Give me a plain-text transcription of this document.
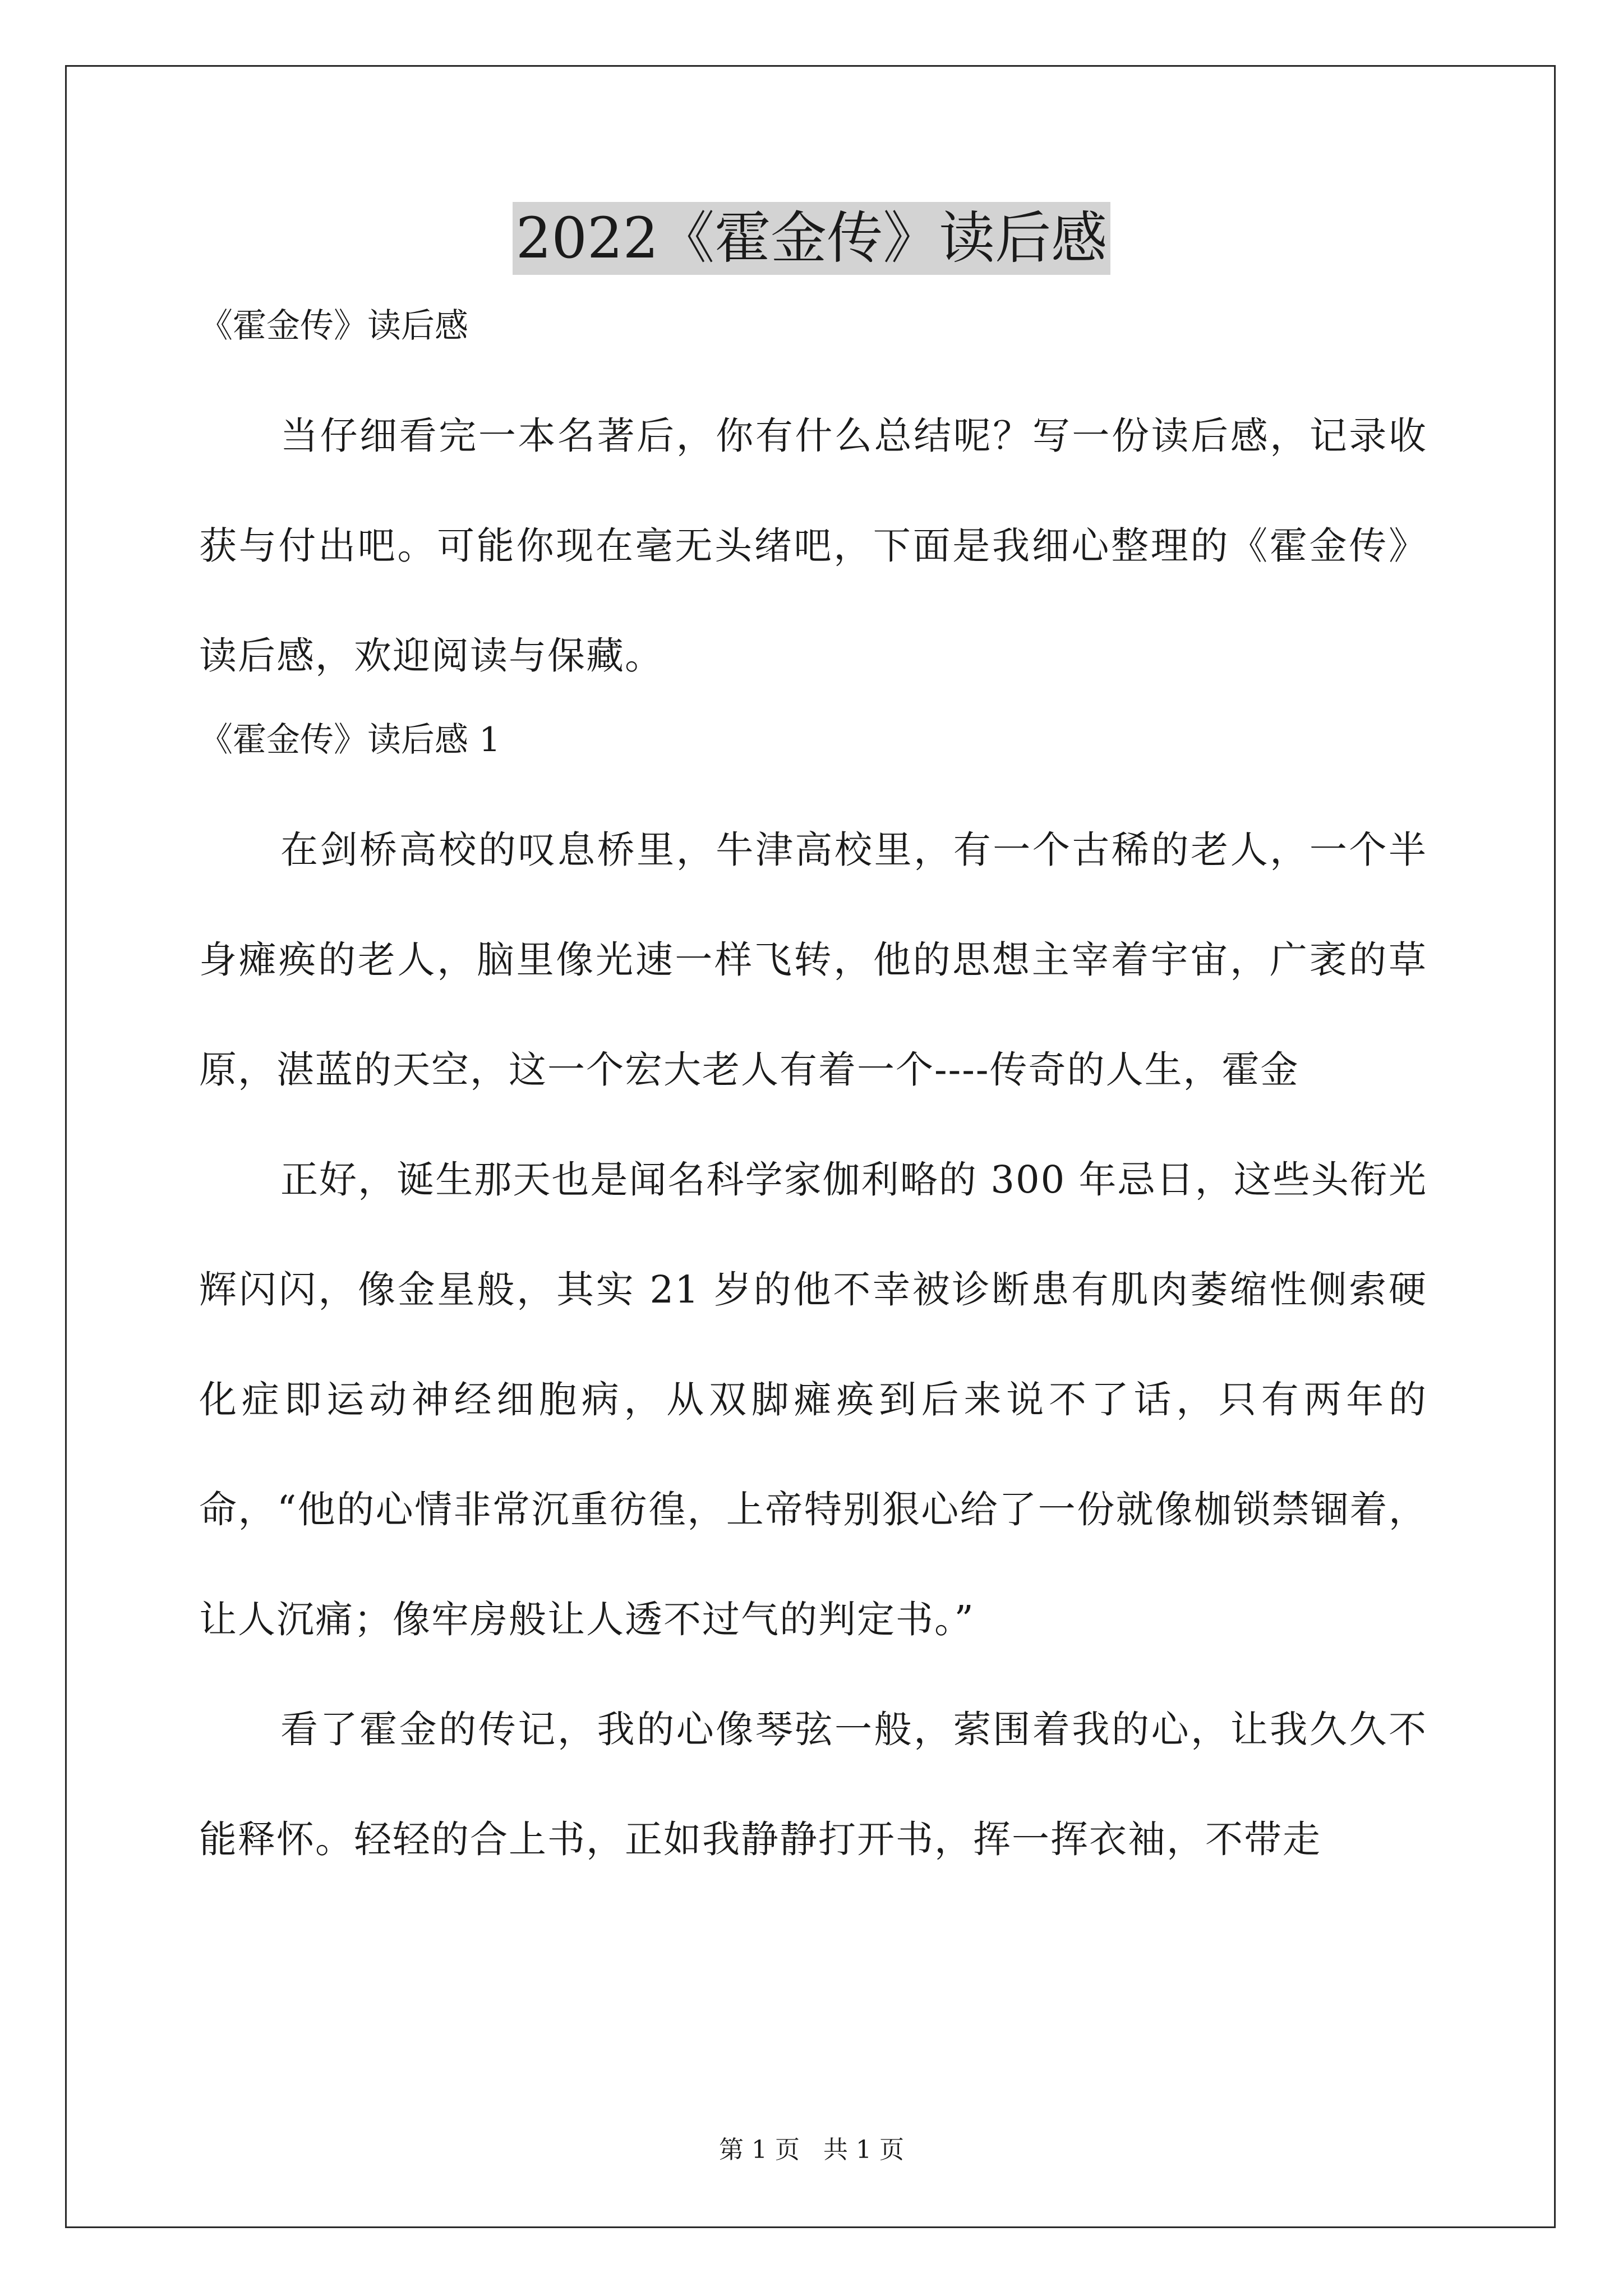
2022《霍金传》读后感
《霍金传》读后感

当仔细看完一本名著后，你有什么总结呢？写一份读后感，记录收获与付出吧。可能你现在毫无头绪吧，下面是我细心整理的《霍金传》读后感，欢迎阅读与保藏。

《霍金传》读后感 1

在剑桥高校的叹息桥里，牛津高校里，有一个古稀的老人，一个半身瘫痪的老人，脑里像光速一样飞转，他的思想主宰着宇宙，广袤的草原，湛蓝的天空，这一个宏大老人有着一个----传奇的人生，霍金

正好，诞生那天也是闻名科学家伽利略的 300 年忌日，这些头衔光辉闪闪，像金星般，其实 21 岁的他不幸被诊断患有肌肉萎缩性侧索硬化症即运动神经细胞病，从双脚瘫痪到后来说不了话，只有两年的命，“他的心情非常沉重彷徨，上帝特别狠心给了一份就像枷锁禁锢着，让人沉痛；像牢房般让人透不过气的判定书。”

看了霍金的传记，我的心像琴弦一般，萦围着我的心，让我久久不能释怀。轻轻的合上书，正如我静静打开书，挥一挥衣袖，不带走

第 1 页 共 1 页
